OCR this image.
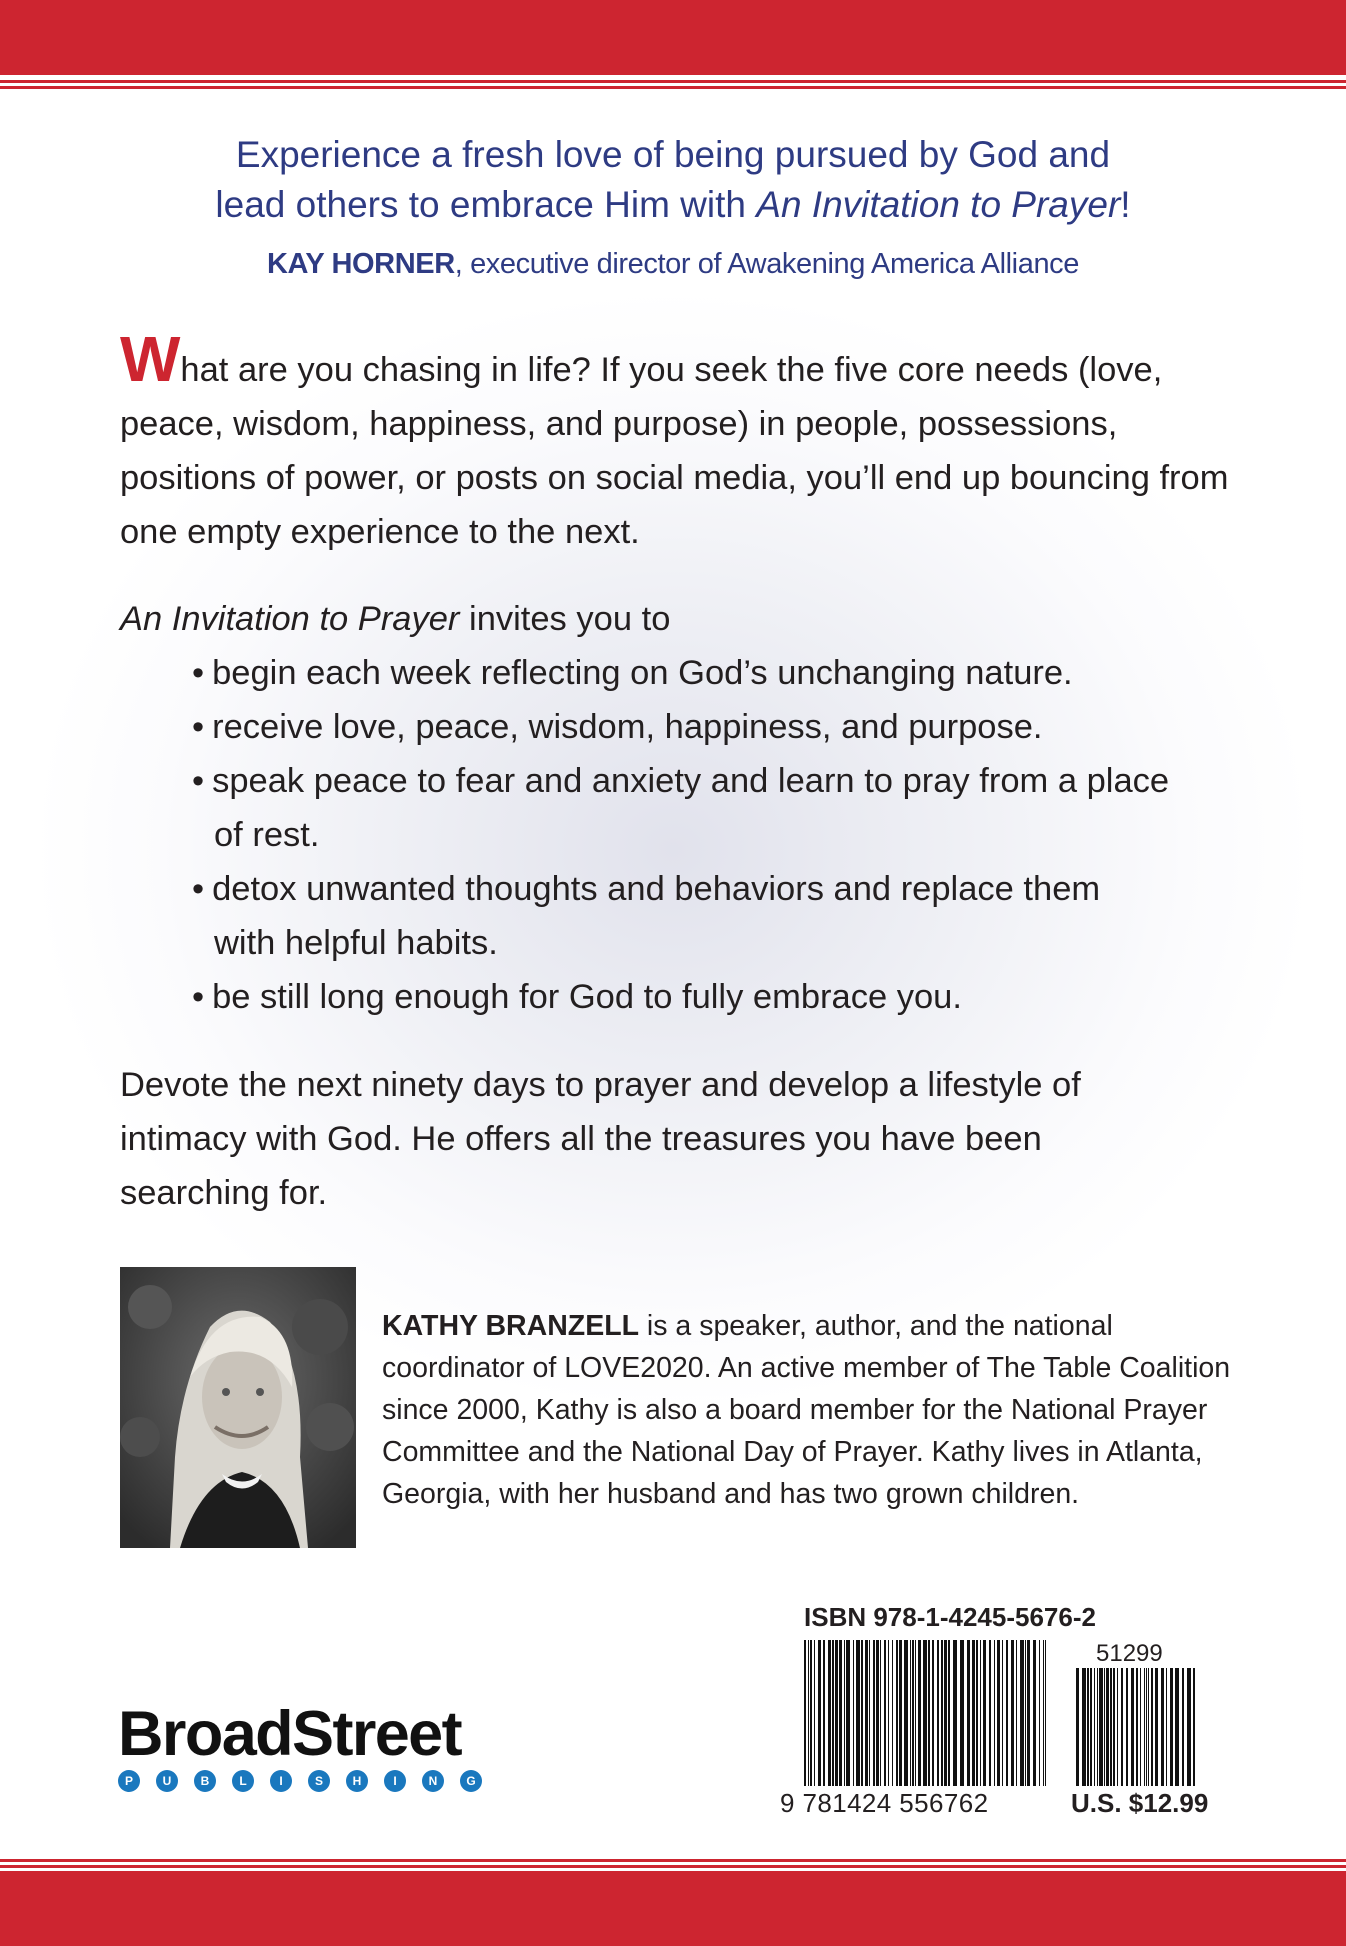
Experience a fresh love of being pursued by God and
lead others to embrace Him with An Invitation to Prayer!
KAY HORNER, executive director of Awakening America Alliance

What are you chasing in life? If you seek the five core needs (love, peace, wisdom, happiness, and purpose) in people, possessions, positions of power, or posts on social media, you’ll end up bouncing from one empty experience to the next.

An Invitation to Prayer invites you to

• begin each week reflecting on God’s unchanging nature.
• receive love, peace, wisdom, happiness, and purpose.
• speak peace to fear and anxiety and learn to pray from a place of rest.
• detox unwanted thoughts and behaviors and replace them with helpful habits.
• be still long enough for God to fully embrace you.

Devote the next ninety days to prayer and develop a lifestyle of intimacy with God. He offers all the treasures you have been searching for.

KATHY BRANZELL is a speaker, author, and the national coordinator of LOVE2020. An active member of The Table Coalition since 2000, Kathy is also a board member for the National Prayer Committee and the National Day of Prayer. Kathy lives in Atlanta, Georgia, with her husband and has two grown children.

BroadStreet
P	U	B	L	I	S	H	I	N	G
ISBN 978-1-4245-5676-2
9 781424 556762
51299
U.S. $12.99
